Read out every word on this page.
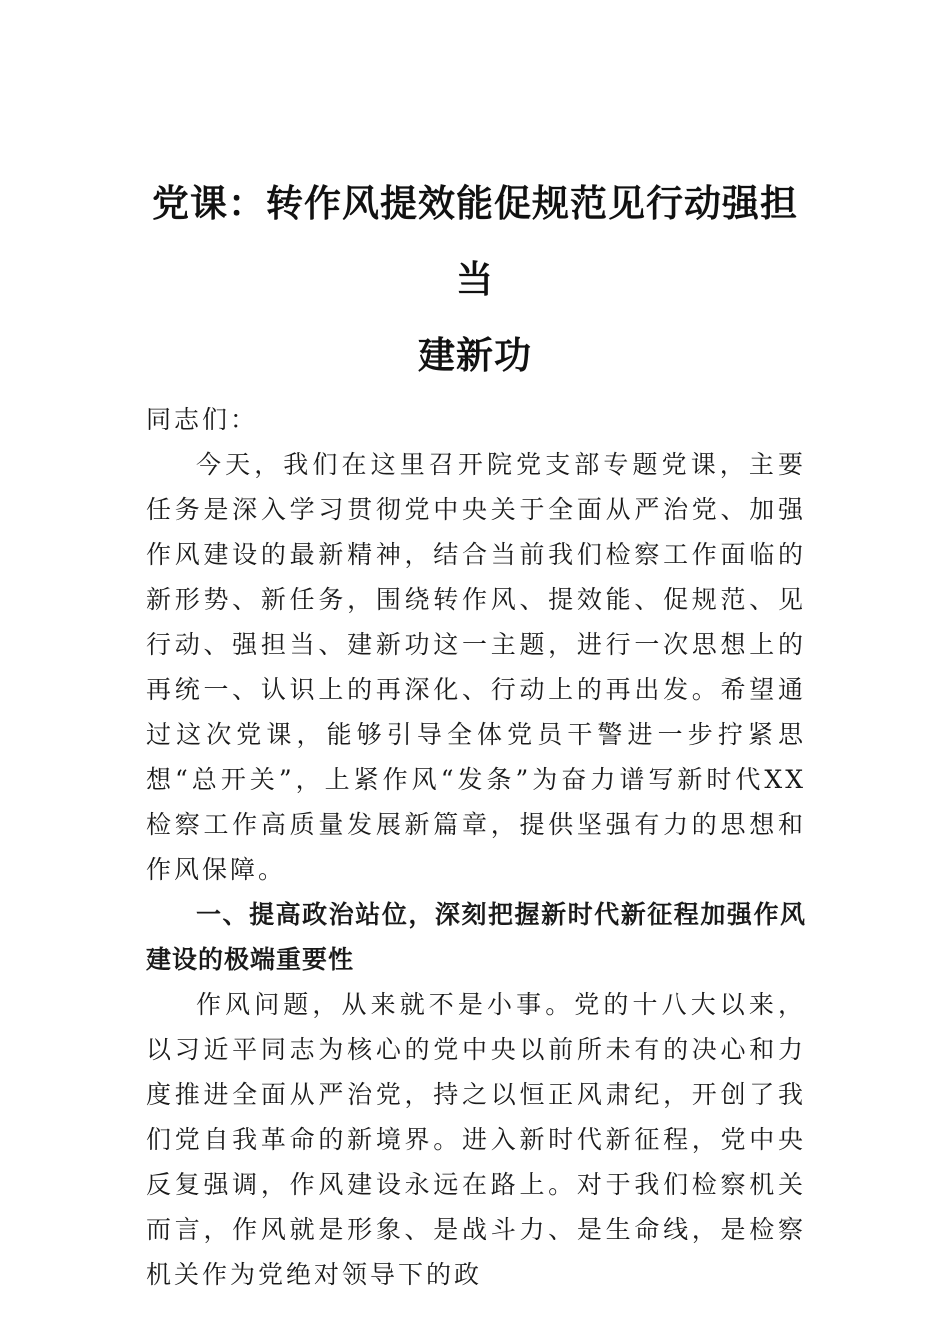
党课：转作风提效能促规范见行动强担当
建新功

同志们：

今天，我们在这里召开院党支部专题党课，主要任务是深入学习贯彻党中央关于全面从严治党、加强作风建设的最新精神，结合当前我们检察工作面临的新形势、新任务，围绕转作风、提效能、促规范、见行动、强担当、建新功这一主题，进行一次思想上的再统一、认识上的再深化、行动上的再出发。希望通过这次党课，能够引导全体党员干警进一步拧紧思想“总开关”，上紧作风“发条”为奋力谱写新时代XX检察工作高质量发展新篇章，提供坚强有力的思想和作风保障。

一、提高政治站位，深刻把握新时代新征程加强作风建设的极端重要性

作风问题，从来就不是小事。党的十八大以来，以习近平同志为核心的党中央以前所未有的决心和力度推进全面从严治党，持之以恒正风肃纪，开创了我们党自我革命的新境界。进入新时代新征程，党中央反复强调，作风建设永远在路上。对于我们检察机关而言，作风就是形象、是战斗力、是生命线，是检察机关作为党绝对领导下的政
